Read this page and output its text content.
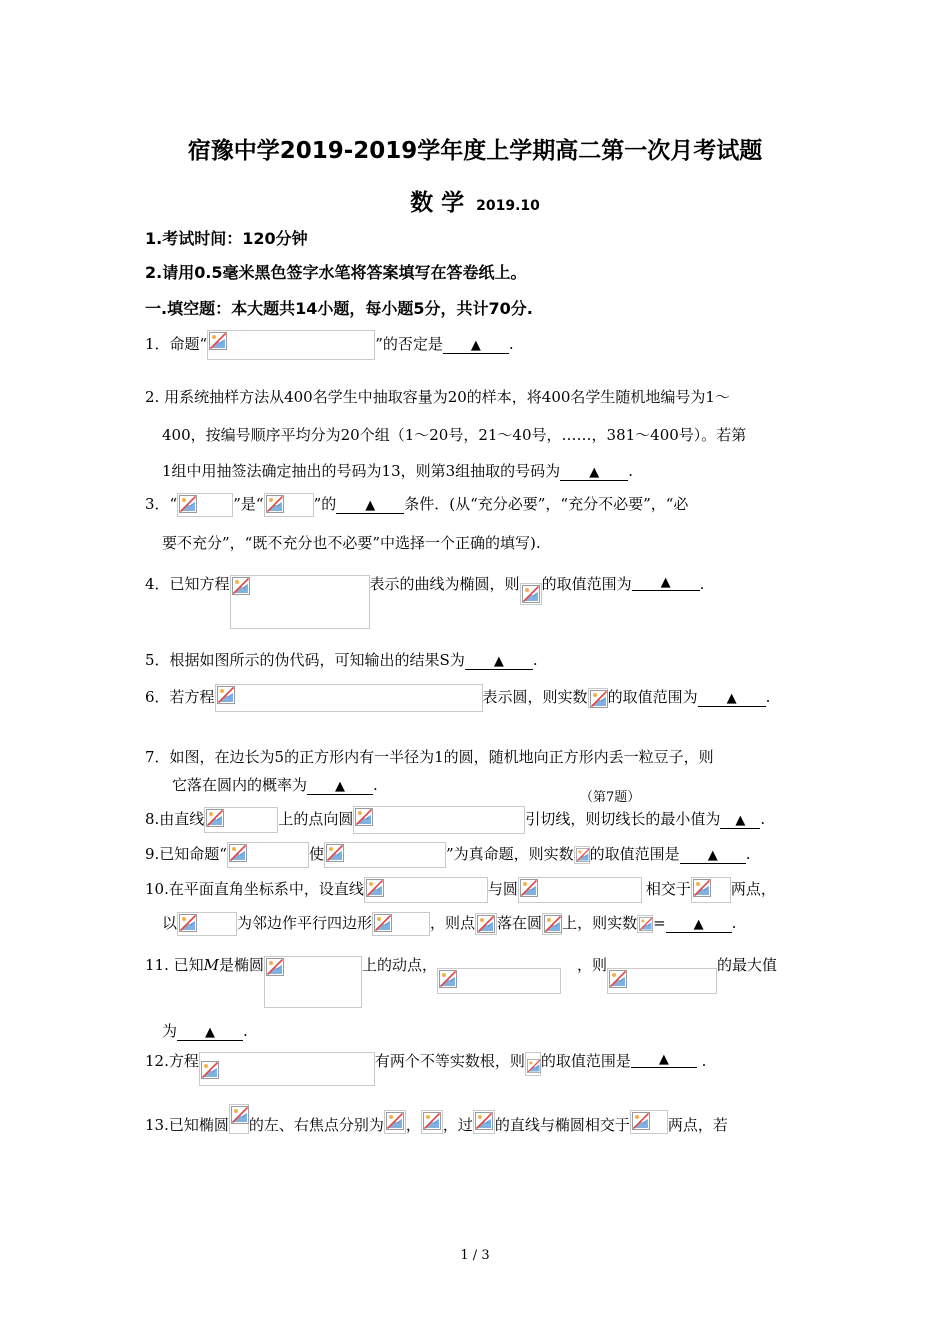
宿豫中学2019-2019学年度上学期高二第一次月考试题
数 学 2019.10
1.考试时间：120分钟
2.请用0.5毫米黑色签字水笔将答案填写在答卷纸上。
一.填空题：本大题共14小题，每小题5分，共计70分.
1．命题“	”的否定是 ▲ .
2. 用系统抽样方法从400名学生中抽取容量为20的样本，将400名学生随机地编号为1～
400，按编号顺序平均分为20个组（1～20号，21～40号，……，381～400号）。若第
1组中用抽签法确定抽出的号码为13，则第3组抽取的号码为 ▲ .
3．“	”是“	”的 ▲ 条件．(从“充分必要”，“充分不必要”，“必
要不充分”，“既不充分也不必要”中选择一个正确的填写).
4．已知方程	表示的曲线为椭圆，则 的取值范围为 ▲ .
5．根据如图所示的伪代码，可知输出的结果S为 ▲ .
6．若方程	表示圆，则实数 的取值范围为 ▲ .
7．如图，在边长为5的正方形内有一半径为1的圆，随机地向正方形内丢一粒豆子，则
它落在圆内的概率为 ▲ .
（第7题）
8.由直线	上的点向圆	引切线，则切线长的最小值为 ▲ .
9.已知命题“	使	”为真命题，则实数 的取值范围是 ▲ .
10.在平面直角坐标系中，设直线	与圆	相交于	两点，
以	为邻边作平行四边形	，则点 落在圆 上，则实数 = ▲ .
11. 已知M是椭圆	上的动点，	，则	的最大值
为 ▲ .
12.方程	有两个不等实数根，则 的取值范围是 ▲ .
13.已知椭圆 的左、右焦点分别为 ， ，过 的直线与椭圆相交于	两点，若
1 / 3
